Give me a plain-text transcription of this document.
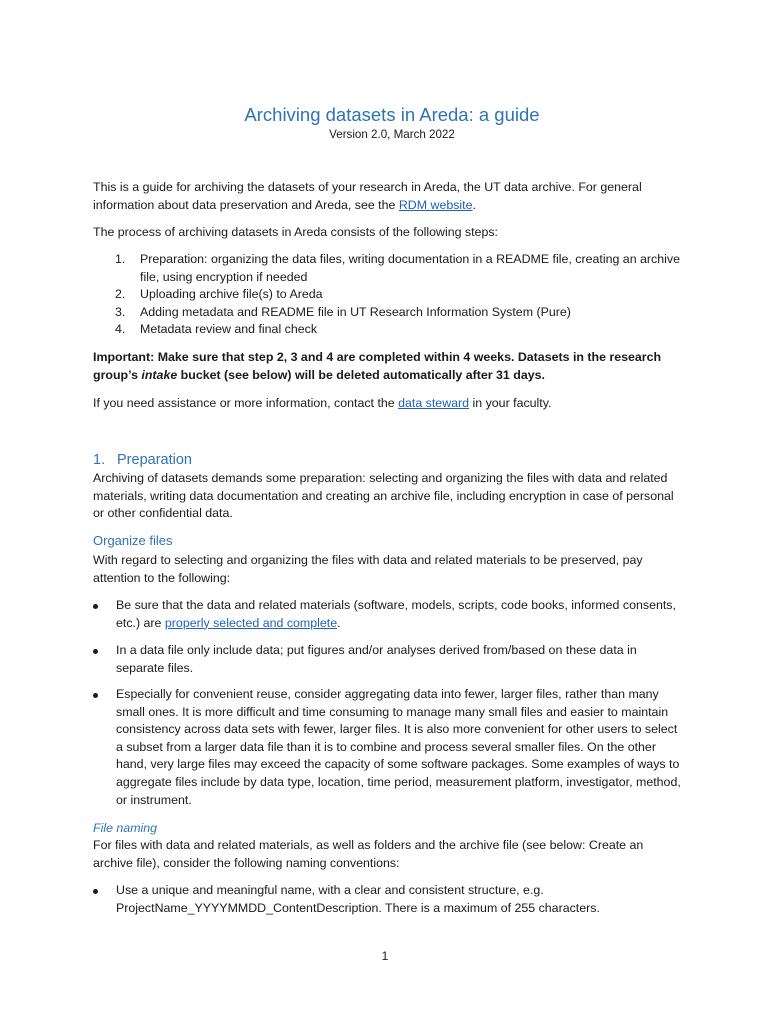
Archiving datasets in Areda: a guide
Version 2.0, March 2022

This is a guide for archiving the datasets of your research in Areda, the UT data archive. For general information about data preservation and Areda, see the RDM website.

The process of archiving datasets in Areda consists of the following steps:

1. Preparation: organizing the data files, writing documentation in a README file, creating an archive file, using encryption if needed
2. Uploading archive file(s) to Areda
3. Adding metadata and README file in UT Research Information System (Pure)
4. Metadata review and final check

Important: Make sure that step 2, 3 and 4 are completed within 4 weeks. Datasets in the research group’s intake bucket (see below) will be deleted automatically after 31 days.

If you need assistance or more information, contact the data steward in your faculty.

1. Preparation

Archiving of datasets demands some preparation: selecting and organizing the files with data and related materials, writing data documentation and creating an archive file, including encryption in case of personal or other confidential data.

Organize files

With regard to selecting and organizing the files with data and related materials to be preserved, pay attention to the following:

Be sure that the data and related materials (software, models, scripts, code books, informed consents, etc.) are properly selected and complete.
In a data file only include data; put figures and/or analyses derived from/based on these data in separate files.
Especially for convenient reuse, consider aggregating data into fewer, larger files, rather than many small ones. It is more difficult and time consuming to manage many small files and easier to maintain consistency across data sets with fewer, larger files. It is also more convenient for other users to select a subset from a larger data file than it is to combine and process several smaller files. On the other hand, very large files may exceed the capacity of some software packages. Some examples of ways to aggregate files include by data type, location, time period, measurement platform, investigator, method, or instrument.
File naming

For files with data and related materials, as well as folders and the archive file (see below: Create an archive file), consider the following naming conventions:

Use a unique and meaningful name, with a clear and consistent structure, e.g. ProjectName_YYYYMMDD_ContentDescription. There is a maximum of 255 characters.
1
